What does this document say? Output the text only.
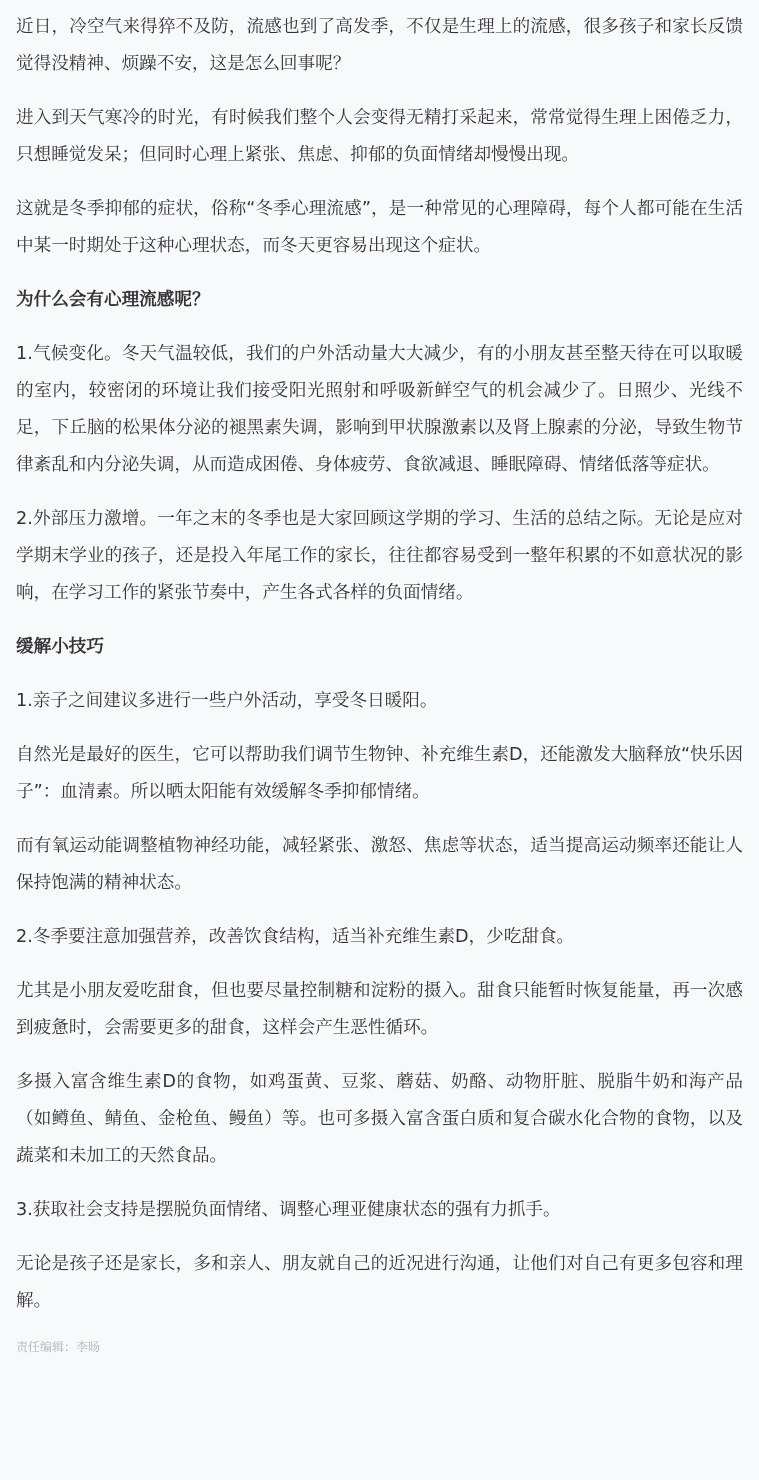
近日，冷空气来得猝不及防，流感也到了高发季，不仅是生理上的流感，很多孩子和家长反馈觉得没精神、烦躁不安，这是怎么回事呢？

进入到天气寒冷的时光，有时候我们整个人会变得无精打采起来，常常觉得生理上困倦乏力，只想睡觉发呆；但同时心理上紧张、焦虑、抑郁的负面情绪却慢慢出现。

这就是冬季抑郁的症状，俗称“冬季心理流感”，是一种常见的心理障碍，每个人都可能在生活中某一时期处于这种心理状态，而冬天更容易出现这个症状。

为什么会有心理流感呢？

1.气候变化。冬天气温较低，我们的户外活动量大大减少，有的小朋友甚至整天待在可以取暖的室内，较密闭的环境让我们接受阳光照射和呼吸新鲜空气的机会减少了。日照少、光线不足，下丘脑的松果体分泌的褪黑素失调，影响到甲状腺激素以及肾上腺素的分泌，导致生物节律紊乱和内分泌失调，从而造成困倦、身体疲劳、食欲减退、睡眠障碍、情绪低落等症状。

2.外部压力激增。一年之末的冬季也是大家回顾这学期的学习、生活的总结之际。无论是应对学期末学业的孩子，还是投入年尾工作的家长，往往都容易受到一整年积累的不如意状况的影响，在学习工作的紧张节奏中，产生各式各样的负面情绪。

缓解小技巧

1.亲子之间建议多进行一些户外活动，享受冬日暖阳。

自然光是最好的医生，它可以帮助我们调节生物钟、补充维生素D，还能激发大脑释放“快乐因子”：血清素。所以晒太阳能有效缓解冬季抑郁情绪。

而有氧运动能调整植物神经功能，减轻紧张、激怒、焦虑等状态，适当提高运动频率还能让人保持饱满的精神状态。

2.冬季要注意加强营养，改善饮食结构，适当补充维生素D，少吃甜食。

尤其是小朋友爱吃甜食，但也要尽量控制糖和淀粉的摄入。甜食只能暂时恢复能量，再一次感到疲惫时，会需要更多的甜食，这样会产生恶性循环。

多摄入富含维生素D的食物，如鸡蛋黄、豆浆、蘑菇、奶酪、动物肝脏、脱脂牛奶和海产品（如鳟鱼、鲭鱼、金枪鱼、鳗鱼）等。也可多摄入富含蛋白质和复合碳水化合物的食物，以及蔬菜和未加工的天然食品。

3.获取社会支持是摆脱负面情绪、调整心理亚健康状态的强有力抓手。

无论是孩子还是家长，多和亲人、朋友就自己的近况进行沟通，让他们对自己有更多包容和理解。

责任编辑：李旸
